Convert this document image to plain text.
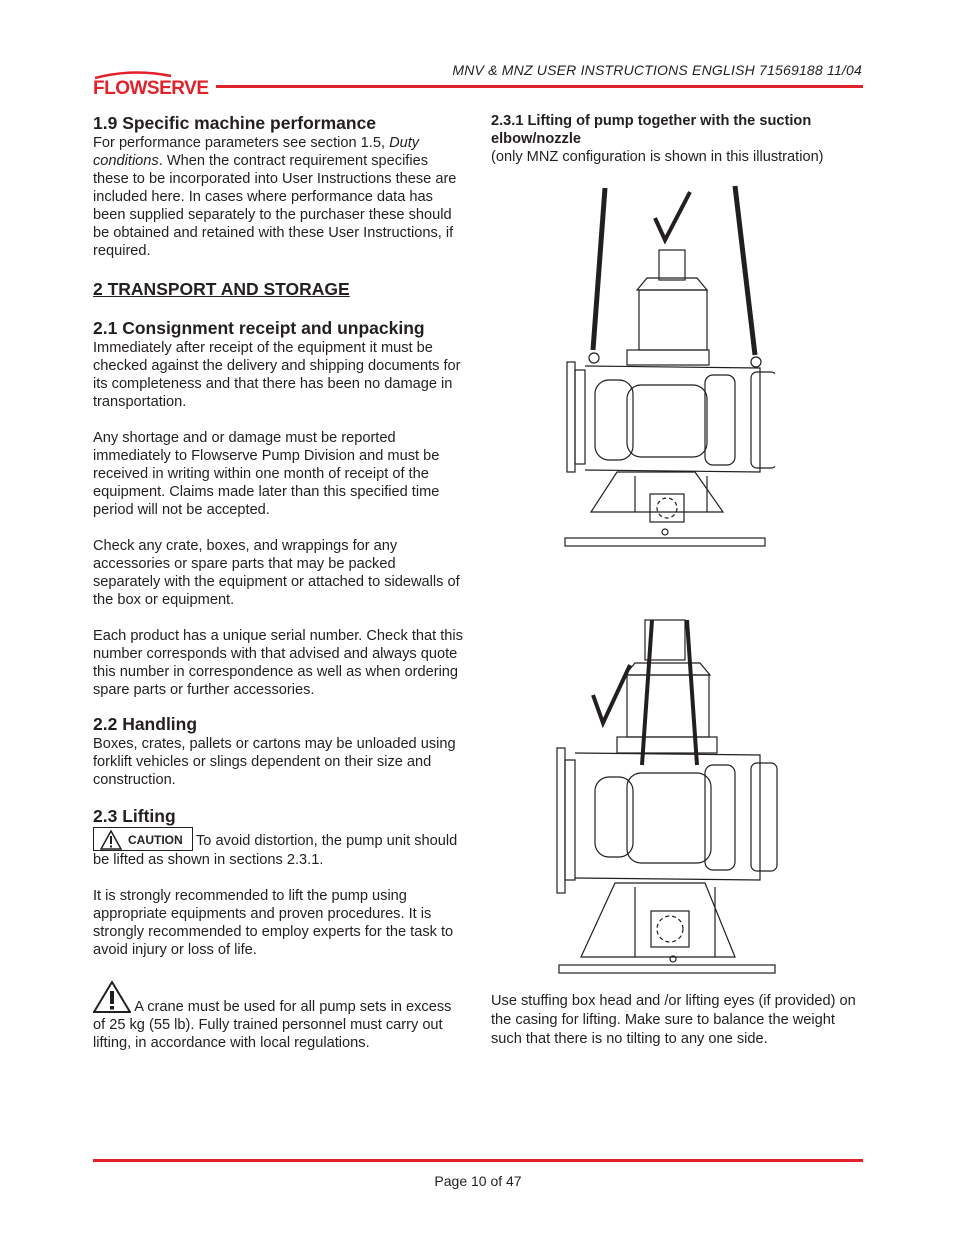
MNV & MNZ USER INSTRUCTIONS ENGLISH 71569188 11/04
FLOWSERVE
1.9 Specific machine performance

For performance parameters see section 1.5, Duty conditions. When the contract requirement specifies these to be incorporated into User Instructions these are included here. In cases where performance data has been supplied separately to the purchaser these should be obtained and retained with these User Instructions, if required.

2 TRANSPORT AND STORAGE
2.1 Consignment receipt and unpacking

Immediately after receipt of the equipment it must be checked against the delivery and shipping documents for its completeness and that there has been no damage in transportation.

Any shortage and or damage must be reported immediately to Flowserve Pump Division and must be received in writing within one month of receipt of the equipment. Claims made later than this specified time period will not be accepted.

Check any crate, boxes, and wrappings for any accessories or spare parts that may be packed separately with the equipment or attached to sidewalls of the box or equipment.

Each product has a unique serial number. Check that this number corresponds with that advised and always quote this number in correspondence as well as when ordering spare parts or further accessories.

2.2 Handling

Boxes, crates, pallets or cartons may be unloaded using forklift vehicles or slings dependent on their size and construction.

2.3 Lifting

CAUTION To avoid distortion, the pump unit should be lifted as shown in sections 2.3.1.

It is strongly recommended to lift the pump using appropriate equipments and proven procedures. It is strongly recommended to employ experts for the task to avoid injury or loss of life.

A crane must be used for all pump sets in excess of 25 kg (55 lb). Fully trained personnel must carry out lifting, in accordance with local regulations.

2.3.1 Lifting of pump together with the suction elbow/nozzle

(only MNZ configuration is shown in this illustration)

Use stuffing box head and /or lifting eyes (if provided) on the casing for lifting. Make sure to balance the weight such that there is no tilting to any one side.
Page 10 of 47
